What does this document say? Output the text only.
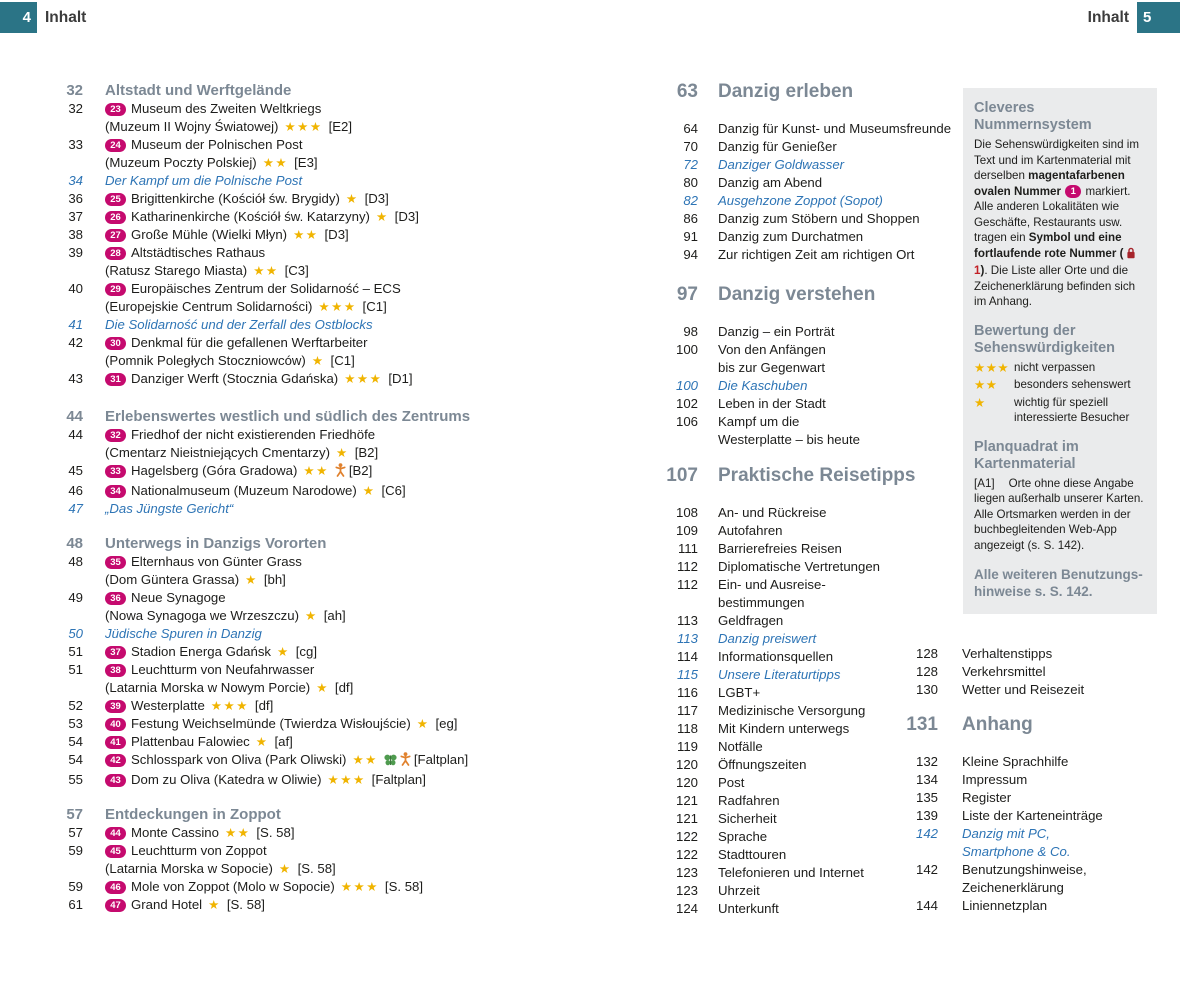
4 Inhalt	Inhalt 5
32 Altstadt und Werftgelände
32	23 Museum des Zweiten Weltkriegs
(Muzeum II Wojny Światowej) ★★★ [E2]
33	24 Museum der Polnischen Post
(Muzeum Poczty Polskiej) ★★ [E3]
34 Der Kampf um die Polnische Post
36	25 Brigittenkirche (Kościół św. Brygidy) ★ [D3]
37	26 Katharinenkirche (Kościół św. Katarzyny) ★ [D3]
38	27 Große Mühle (Wielki Młyn) ★★ [D3]
39	28 Altstädtisches Rathaus
(Ratusz Starego Miasta) ★★ [C3]
40	29 Europäisches Zentrum der Solidarność – ECS
(Europejskie Centrum Solidarności) ★★★ [C1]
41 Die Solidarność und der Zerfall des Ostblocks
42	30 Denkmal für die gefallenen Werftarbeiter
(Pomnik Poległych Stoczniowców) ★ [C1]
43	31 Danziger Werft (Stocznia Gdańska) ★★★ [D1]
44 Erlebenswertes westlich und südlich des Zentrums
44	32 Friedhof der nicht existierenden Friedhöfe
(Cmentarz Nieistniejących Cmentarzy) ★ [B2]
45	33 Hagelsberg (Góra Gradowa) ★★ [B2]
46	34 Nationalmuseum (Muzeum Narodowe) ★ [C6]
47 „Das Jüngste Gericht“
48 Unterwegs in Danzigs Vororten
48	35 Elternhaus von Günter Grass
(Dom Güntera Grassa) ★ [bh]
49	36 Neue Synagoge
(Nowa Synagoga we Wrzeszczu) ★ [ah]
50 Jüdische Spuren in Danzig
51	37 Stadion Energa Gdańsk ★ [cg]
51	38 Leuchtturm von Neufahrwasser
(Latarnia Morska w Nowym Porcie) ★ [df]
52	39 Westerplatte ★★★ [df]
53	40 Festung Weichselmünde (Twierdza Wisłoujście) ★ [eg]
54	41 Plattenbau Falowiec ★ [af]
54	42 Schlosspark von Oliva (Park Oliwski) ★★	[Faltplan]
55	43 Dom zu Oliva (Katedra w Oliwie) ★★★ [Faltplan]
57 Entdeckungen in Zoppot
57	44 Monte Cassino ★★ [S. 58]
59	45 Leuchtturm von Zoppot
(Latarnia Morska w Sopocie) ★ [S. 58]
59	46 Mole von Zoppot (Molo w Sopocie) ★★★ [S. 58]
61	47 Grand Hotel ★ [S. 58]
63 Danzig erleben
64 Danzig für Kunst- und Museumsfreunde
70 Danzig für Genießer
72 Danziger Goldwasser
80 Danzig am Abend
82 Ausgehzone Zoppot (Sopot)
86 Danzig zum Stöbern und Shoppen
91 Danzig zum Durchatmen
94 Zur richtigen Zeit am richtigen Ort
97 Danzig verstehen
98 Danzig – ein Porträt
100 Von den Anfängen
bis zur Gegenwart
100 Die Kaschuben
102 Leben in der Stadt
106 Kampf um die
Westerplatte – bis heute
107 Praktische Reisetipps
108 An- und Rückreise
109 Autofahren
111 Barrierefreies Reisen
112 Diplomatische Vertretungen
112 Ein- und Ausreise-
bestimmungen
113 Geldfragen
113 Danzig preiswert
114 Informationsquellen
115 Unsere Literaturtipps
116 LGBT+
117 Medizinische Versorgung
118 Mit Kindern unterwegs
119 Notfälle
120 Öffnungszeiten
120 Post
121 Radfahren
121 Sicherheit
122 Sprache
122 Stadttouren
123 Telefonieren und Internet
123 Uhrzeit
124 Unterkunft
128 Verhaltenstipps
128 Verkehrsmittel
130 Wetter und Reisezeit
131 Anhang
132 Kleine Sprachhilfe
134 Impressum
135 Register
139 Liste der Karteneinträge
142 Danzig mit PC,
Smartphone & Co.
142 Benutzungshinweise,
Zeichenerklärung
144 Liniennetzplan
Cleveres Nummernsystem

Die Sehenswürdigkeiten sind im Text und im Kartenmaterial mit derselben magentafarbenen ovalen Nummer 1 markiert. Alle anderen Lokalitäten wie Geschäfte, Restaurants usw. tragen ein Symbol und eine fortlaufende rote Nummer (1). Die Liste aller Orte und die Zeichenerklärung befinden sich im Anhang.

Bewertung der Sehenswürdigkeiten
★★★ nicht verpassen
★★	besonders sehenswert
★	wichtig für speziell interessierte Besucher
Planquadrat im Kartenmaterial

[A1] Orte ohne diese Angabe liegen außerhalb unserer Karten. Alle Ortsmarken werden in der buchbegleitenden Web-App angezeigt (s. S. 142).

Alle weiteren Benutzungs-
hinweise s. S. 142.
